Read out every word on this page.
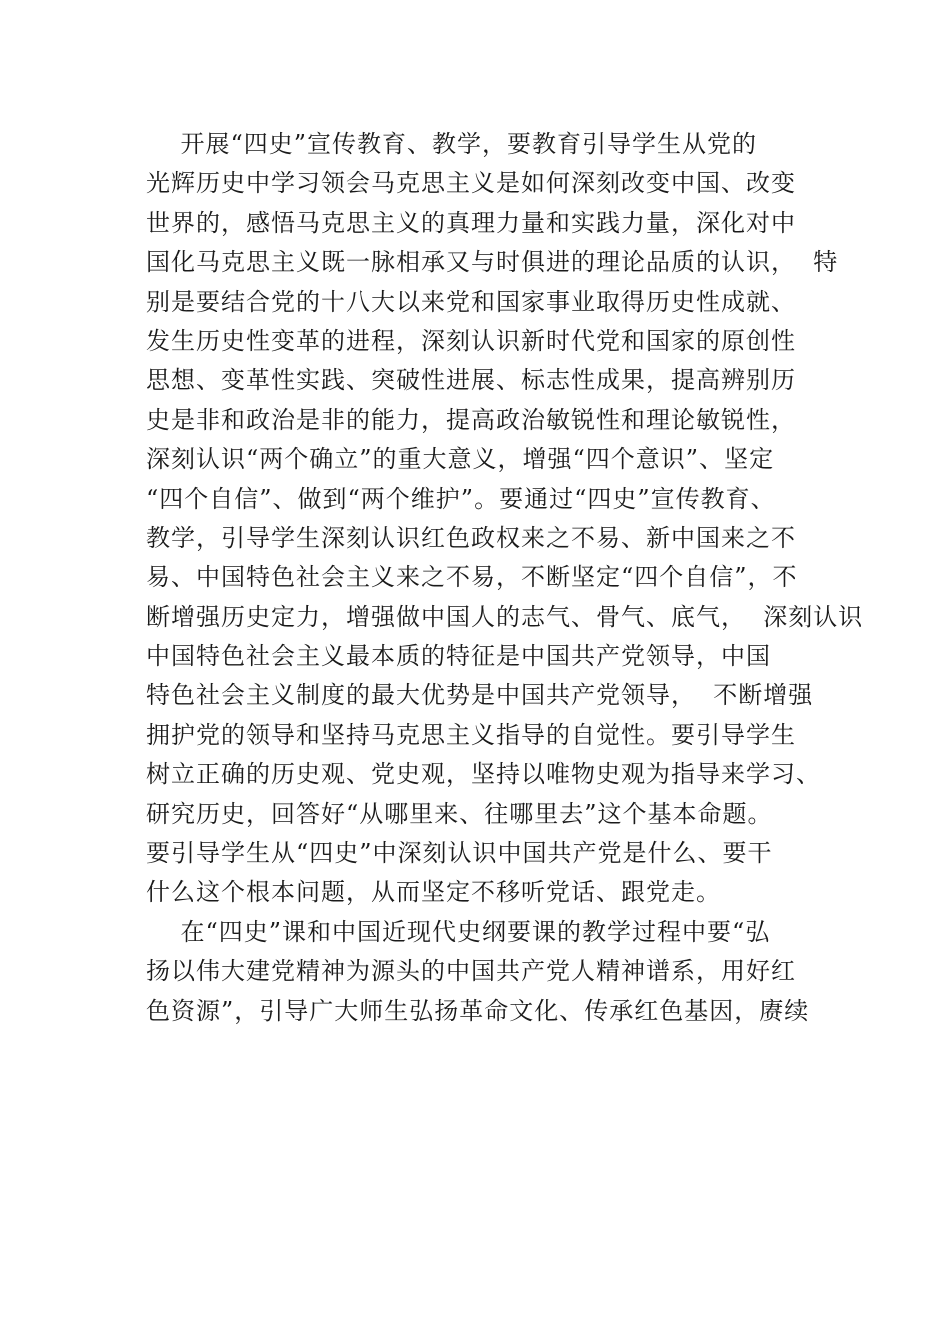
开展“四史”宣传教育、教学，要教育引导学生从党的
光辉历史中学习领会马克思主义是如何深刻改变中国、改变
世界的，感悟马克思主义的真理力量和实践力量，深化对中
国化马克思主义既一脉相承又与时俱进的理论品质的认识，  特
别是要结合党的十八大以来党和国家事业取得历史性成就、
发生历史性变革的进程，深刻认识新时代党和国家的原创性
思想、变革性实践、突破性进展、标志性成果，提高辨别历
史是非和政治是非的能力，提高政治敏锐性和理论敏锐性，
深刻认识“两个确立”的重大意义，增强“四个意识”、坚定
“四个自信”、做到“两个维护”。要通过“四史”宣传教育、
教学，引导学生深刻认识红色政权来之不易、新中国来之不
易、中国特色社会主义来之不易，不断坚定“四个自信”，不
断增强历史定力，增强做中国人的志气、骨气、底气，  深刻认识
中国特色社会主义最本质的特征是中国共产党领导，中国
特色社会主义制度的最大优势是中国共产党领导，  不断增强
拥护党的领导和坚持马克思主义指导的自觉性。要引导学生
树立正确的历史观、党史观，坚持以唯物史观为指导来学习、
研究历史，回答好“从哪里来、往哪里去”这个基本命题。
要引导学生从“四史”中深刻认识中国共产党是什么、要干
什么这个根本问题，从而坚定不移听党话、跟党走。
在“四史”课和中国近现代史纲要课的教学过程中要“弘
扬以伟大建党精神为源头的中国共产党人精神谱系，用好红
色资源”，引导广大师生弘扬革命文化、传承红色基因，赓续
